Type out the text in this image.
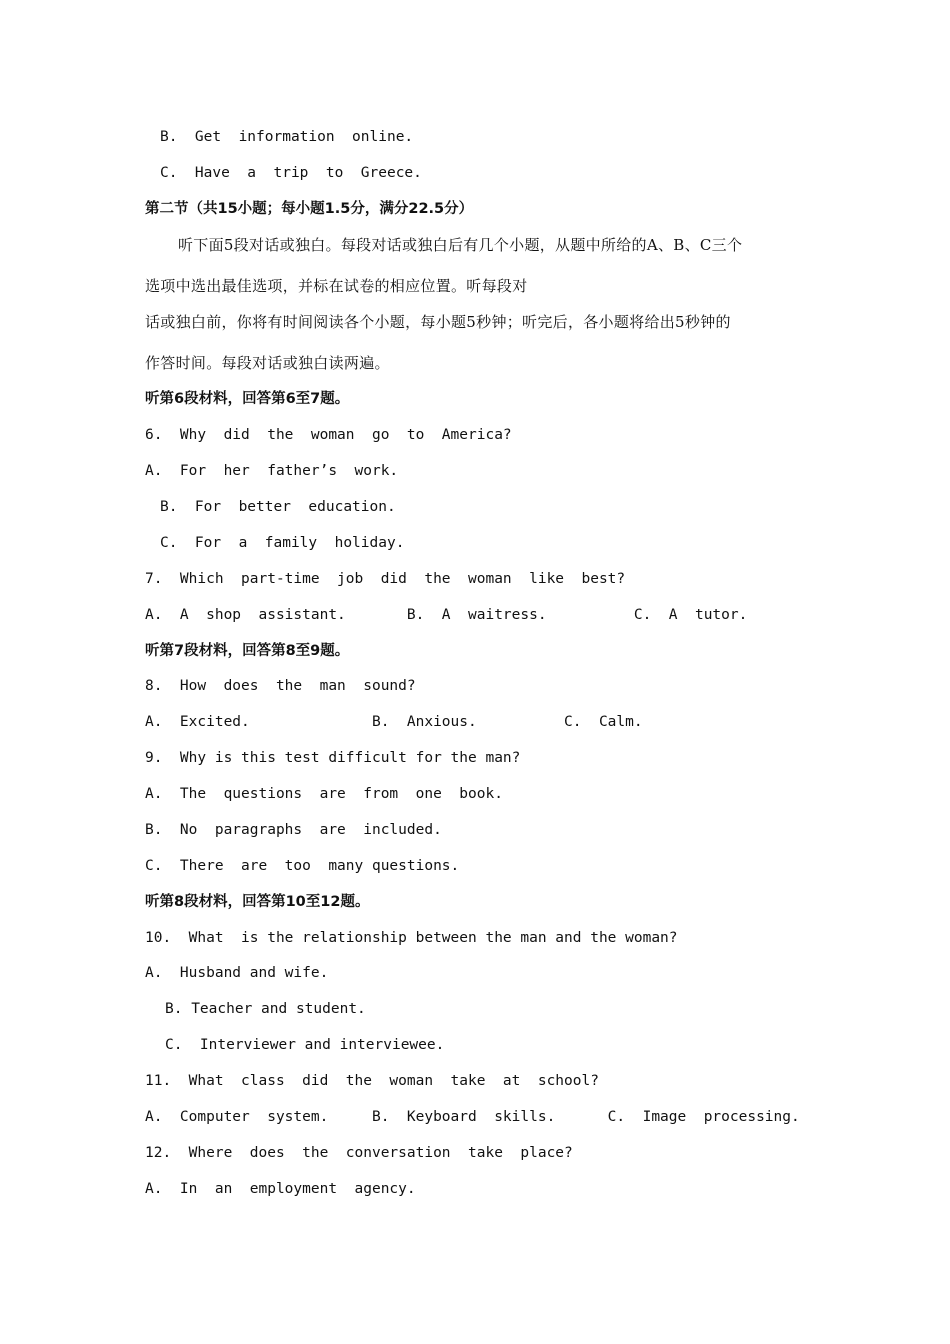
B.  Get  information  online.
C.  Have  a  trip  to  Greece.
第二节（共15小题；每小题1.5分，满分22.5分）
听下面5段对话或独白。每段对话或独白后有几个小题，从题中所给的A、B、C三个
选项中选出最佳选项，并标在试卷的相应位置。听每段对
话或独白前，你将有时间阅读各个小题，每小题5秒钟；听完后，各小题将给出5秒钟的
作答时间。每段对话或独白读两遍。
听第6段材料，回答第6至7题。
6.  Why  did  the  woman  go  to  America?
A.  For  her  father’s  work.
B.  For  better  education.
C.  For  a  family  holiday.
7.  Which  part-time  job  did  the  woman  like  best?
A.  A  shop  assistant.       B.  A  waitress.          C.  A  tutor.
听第7段材料，回答第8至9题。
8.  How  does  the  man  sound?
A.  Excited.              B.  Anxious.          C.  Calm.
9.  Why is this test difficult for the man?
A.  The  questions  are  from  one  book.
B.  No  paragraphs  are  included.
C.  There  are  too  many questions.
听第8段材料，回答第10至12题。
10.  What  is the relationship between the man and the woman?
A.  Husband and wife.
B. Teacher and student.
C.  Interviewer and interviewee.
11.  What  class  did  the  woman  take  at  school?
A.  Computer  system.     B.  Keyboard  skills.      C.  Image  processing.
12.  Where  does  the  conversation  take  place?
A.  In  an  employment  agency.
